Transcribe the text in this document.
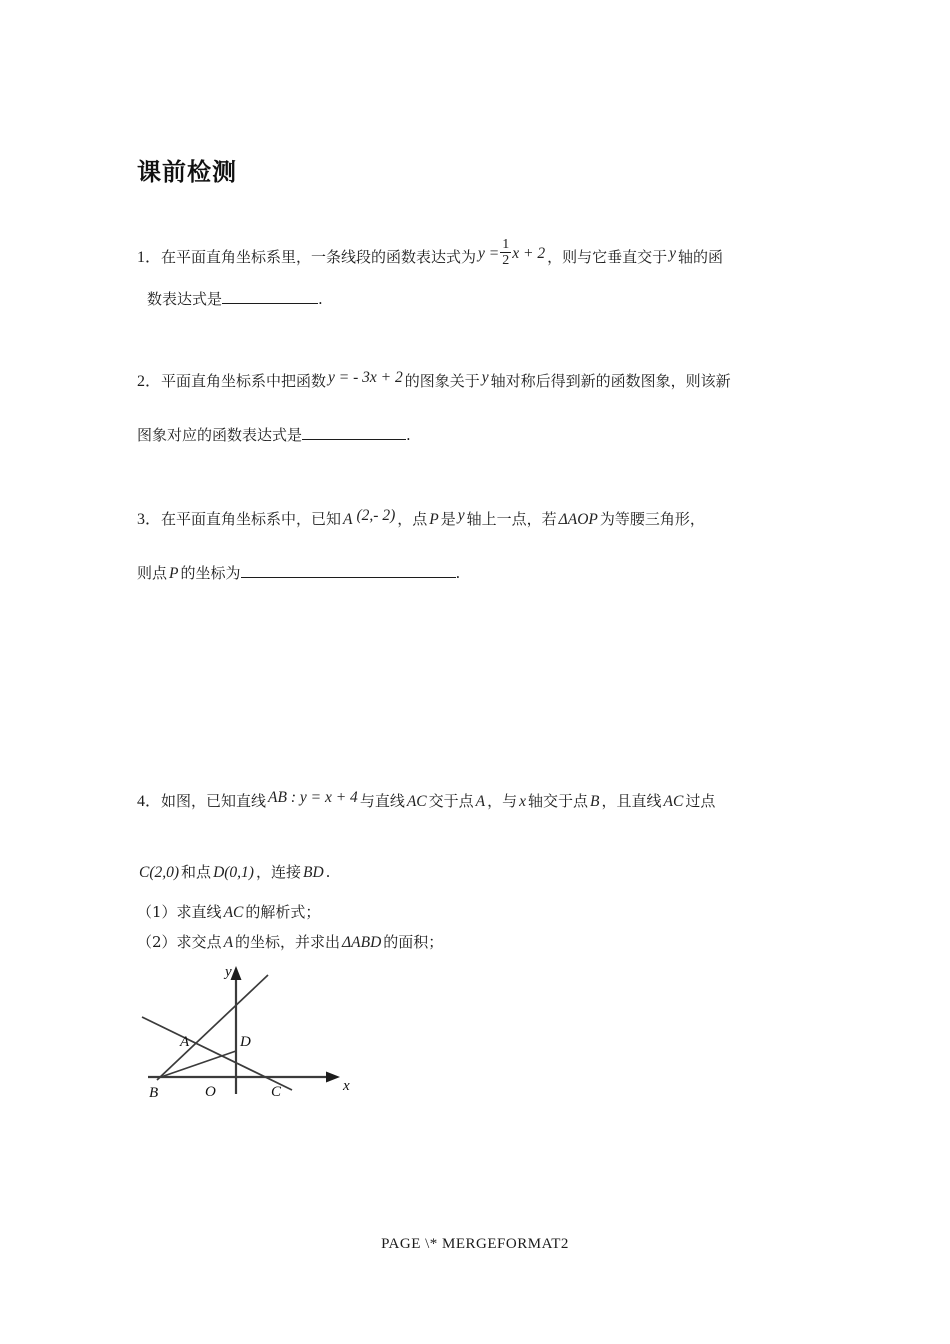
课前检测
1．在平面直角坐标系里，一条线段的函数表达式为 $y = \frac{1}{2}$ x + 2 ，则与它垂直交于 y 轴的函
数表达式是	.
2．平面直角坐标系中把函数 y = - 3x + 2 的图象关于 y 轴对称后得到新的函数图象，则该新
图象对应的函数表达式是	.
3．在平面直角坐标系中，已知 A (2,- 2) ，点 P 是 y 轴上一点，若 ΔAOP 为等腰三角形，
则点 P 的坐标为	.
4．如图，已知直线 AB : y = x + 4 与直线 AC 交于点 A ，与 x 轴交于点 B ，且直线 AC 过点
C(2,0) 和点 D(0,1) ，连接 BD .
（1）求直线 AC 的解析式；
（2）求交点 A 的坐标，并求出 ΔABD 的面积；
y
x
A
B	C
D
O
PAGE \* MERGEFORMAT2
